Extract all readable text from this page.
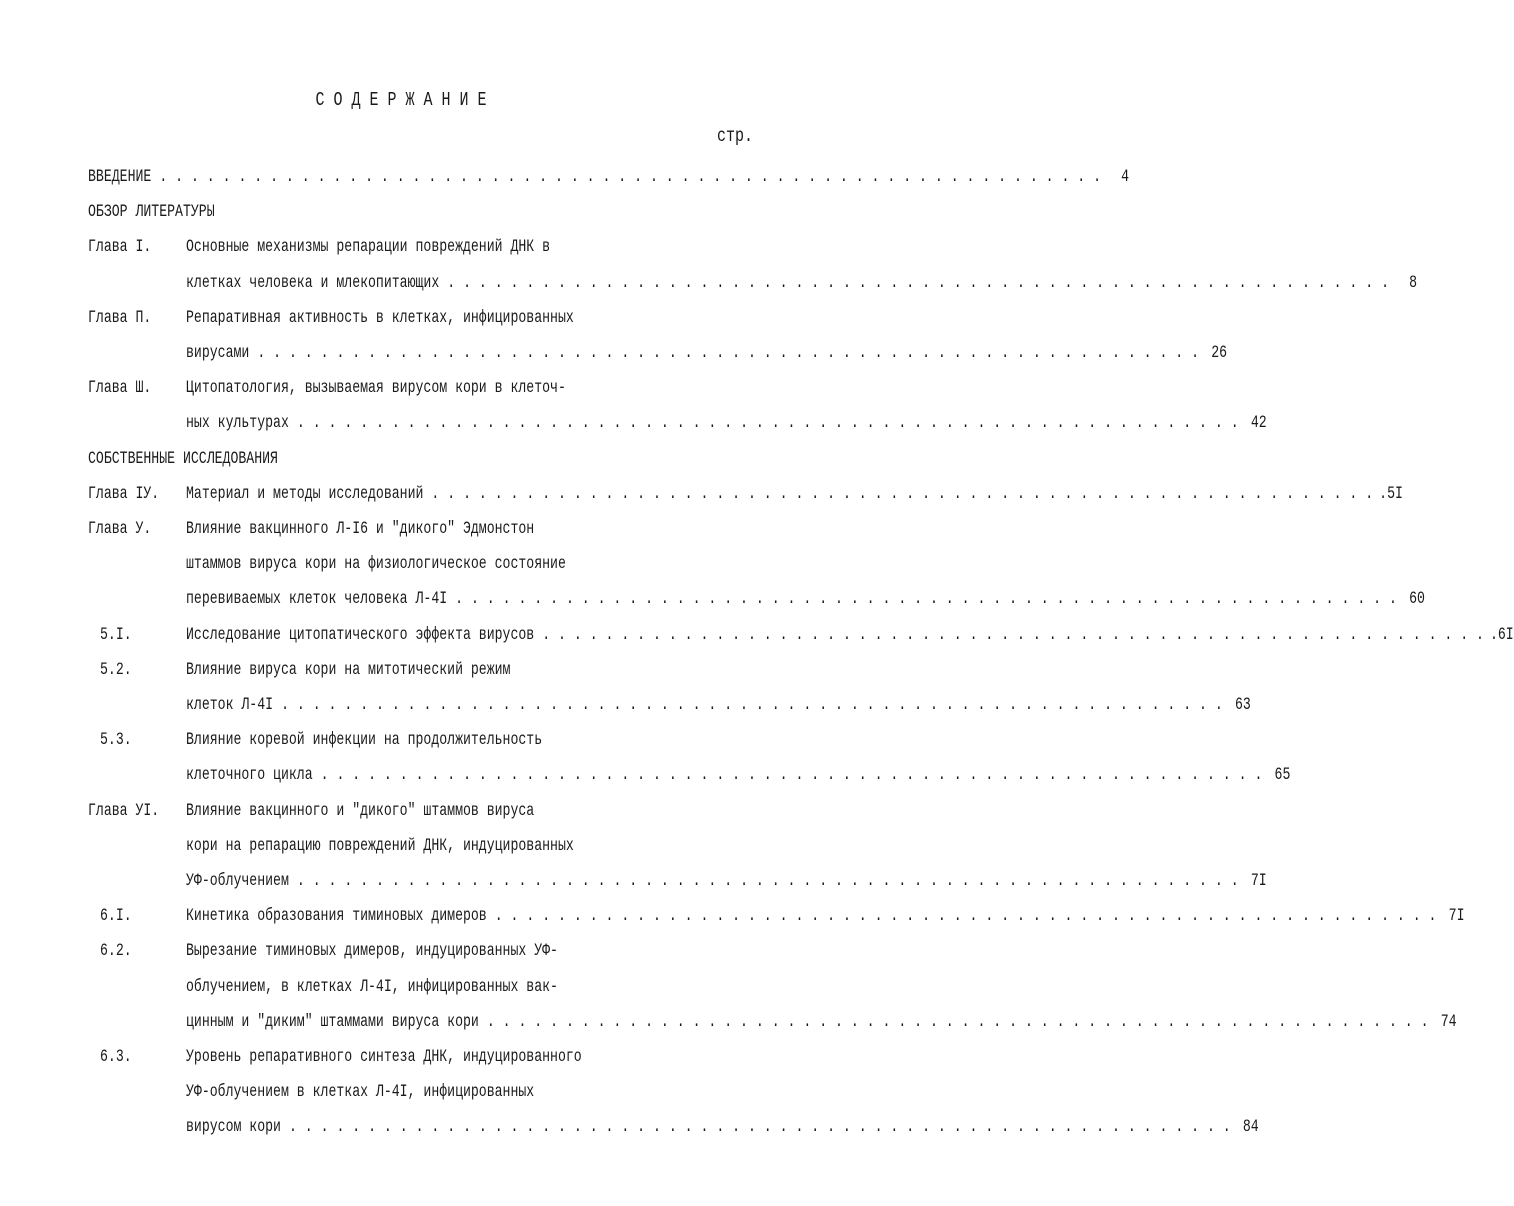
СОДЕРЖАНИЕ
стр.
ВВЕДЕНИЕ . . . . . . . . . . . . . . . . . . . . . . . . . . . . . . . . . . . . . . . . . . . . . . . . . . . . . . . . . . . .	4
ОБЗОР ЛИТЕРАТУРЫ
Глава I.	Основные механизмы репарации повреждений ДНК в
клетках человека и млекопитающих . . . . . . . . . . . . . . . . . . . . . . . . . . . . . . . . . . . . . . . . . . . . . . . . . . . . . . . . . . . .	8
Глава П.	Репаративная активность в клетках, инфицированных
вирусами . . . . . . . . . . . . . . . . . . . . . . . . . . . . . . . . . . . . . . . . . . . . . . . . . . . . . . . . . . . . 26
Глава Ш.	Цитопатология, вызываемая вирусом кори в клеточ-
ных культурах . . . . . . . . . . . . . . . . . . . . . . . . . . . . . . . . . . . . . . . . . . . . . . . . . . . . . . . . . . . . 42
СОБСТВЕННЫЕ ИССЛЕДОВАНИЯ
Глава IУ. Материал и методы исследований . . . . . . . . . . . . . . . . . . . . . . . . . . . . . . . . . . . . . . . . . . . . . . . . . . . . . . . . . . . . .5I
Глава У.	Влияние вакцинного Л-I6 и "дикого" Эдмонстон
штаммов вируса кори на физиологическое состояние
перевиваемых клеток человека Л-4I . . . . . . . . . . . . . . . . . . . . . . . . . . . . . . . . . . . . . . . . . . . . . . . . . . . . . . . . . . . . 60
5.I.	Исследование цитопатического эффекта вирусов . . . . . . . . . . . . . . . . . . . . . . . . . . . . . . . . . . . . . . . . . . . . . . . . . . . . . . . . . . . . .6I
5.2.	Влияние вируса кори на митотический режим
клеток Л-4I . . . . . . . . . . . . . . . . . . . . . . . . . . . . . . . . . . . . . . . . . . . . . . . . . . . . . . . . . . . . 63
5.3.	Влияние коревой инфекции на продолжительность
клеточного цикла . . . . . . . . . . . . . . . . . . . . . . . . . . . . . . . . . . . . . . . . . . . . . . . . . . . . . . . . . . . . 65
Глава УI. Влияние вакцинного и "дикого" штаммов вируса
кори на репарацию повреждений ДНК, индуцированных
УФ-облучением . . . . . . . . . . . . . . . . . . . . . . . . . . . . . . . . . . . . . . . . . . . . . . . . . . . . . . . . . . . . 7I
6.I.	Кинетика образования тиминовых димеров . . . . . . . . . . . . . . . . . . . . . . . . . . . . . . . . . . . . . . . . . . . . . . . . . . . . . . . . . . . . 7I
6.2.	Вырезание тиминовых димеров, индуцированных УФ-
облучением, в клетках Л-4I, инфицированных вак-
цинным и "диким" штаммами вируса кори . . . . . . . . . . . . . . . . . . . . . . . . . . . . . . . . . . . . . . . . . . . . . . . . . . . . . . . . . . . . 74
6.3.	Уровень репаративного синтеза ДНК, индуцированного
УФ-облучением в клетках Л-4I, инфицированных
вирусом кори . . . . . . . . . . . . . . . . . . . . . . . . . . . . . . . . . . . . . . . . . . . . . . . . . . . . . . . . . . . . 84
